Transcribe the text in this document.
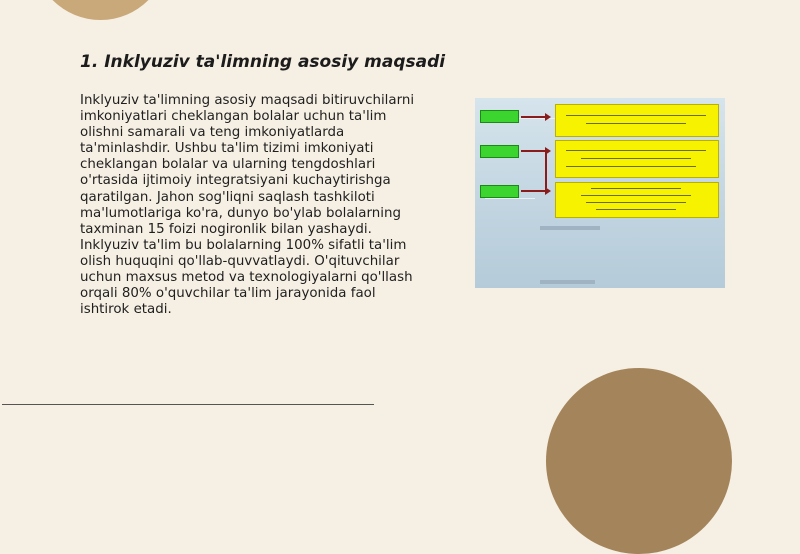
1. Inklyuziv ta'limning asosiy maqsadi

Inklyuziv ta'limning asosiy maqsadi bitiruvchilarni imkoniyatlari cheklangan bolalar uchun ta'lim olishni samarali va teng imkoniyatlarda ta'minlashdir. Ushbu ta'lim tizimi imkoniyati cheklangan bolalar va ularning tengdoshlari o'rtasida ijtimoiy integratsiyani kuchaytirishga qaratilgan. Jahon sog'liqni saqlash tashkiloti ma'lumotlariga ko'ra, dunyo bo'ylab bolalarning taxminan 15 foizi nogironlik bilan yashaydi. Inklyuziv ta'lim bu bolalarning 100% sifatli ta'lim olish huquqini qo'llab-quvvatlaydi. O'qituvchilar uchun maxsus metod va texnologiyalarni qo'llash orqali 80% o'quvchilar ta'lim jarayonida faol ishtirok etadi.
